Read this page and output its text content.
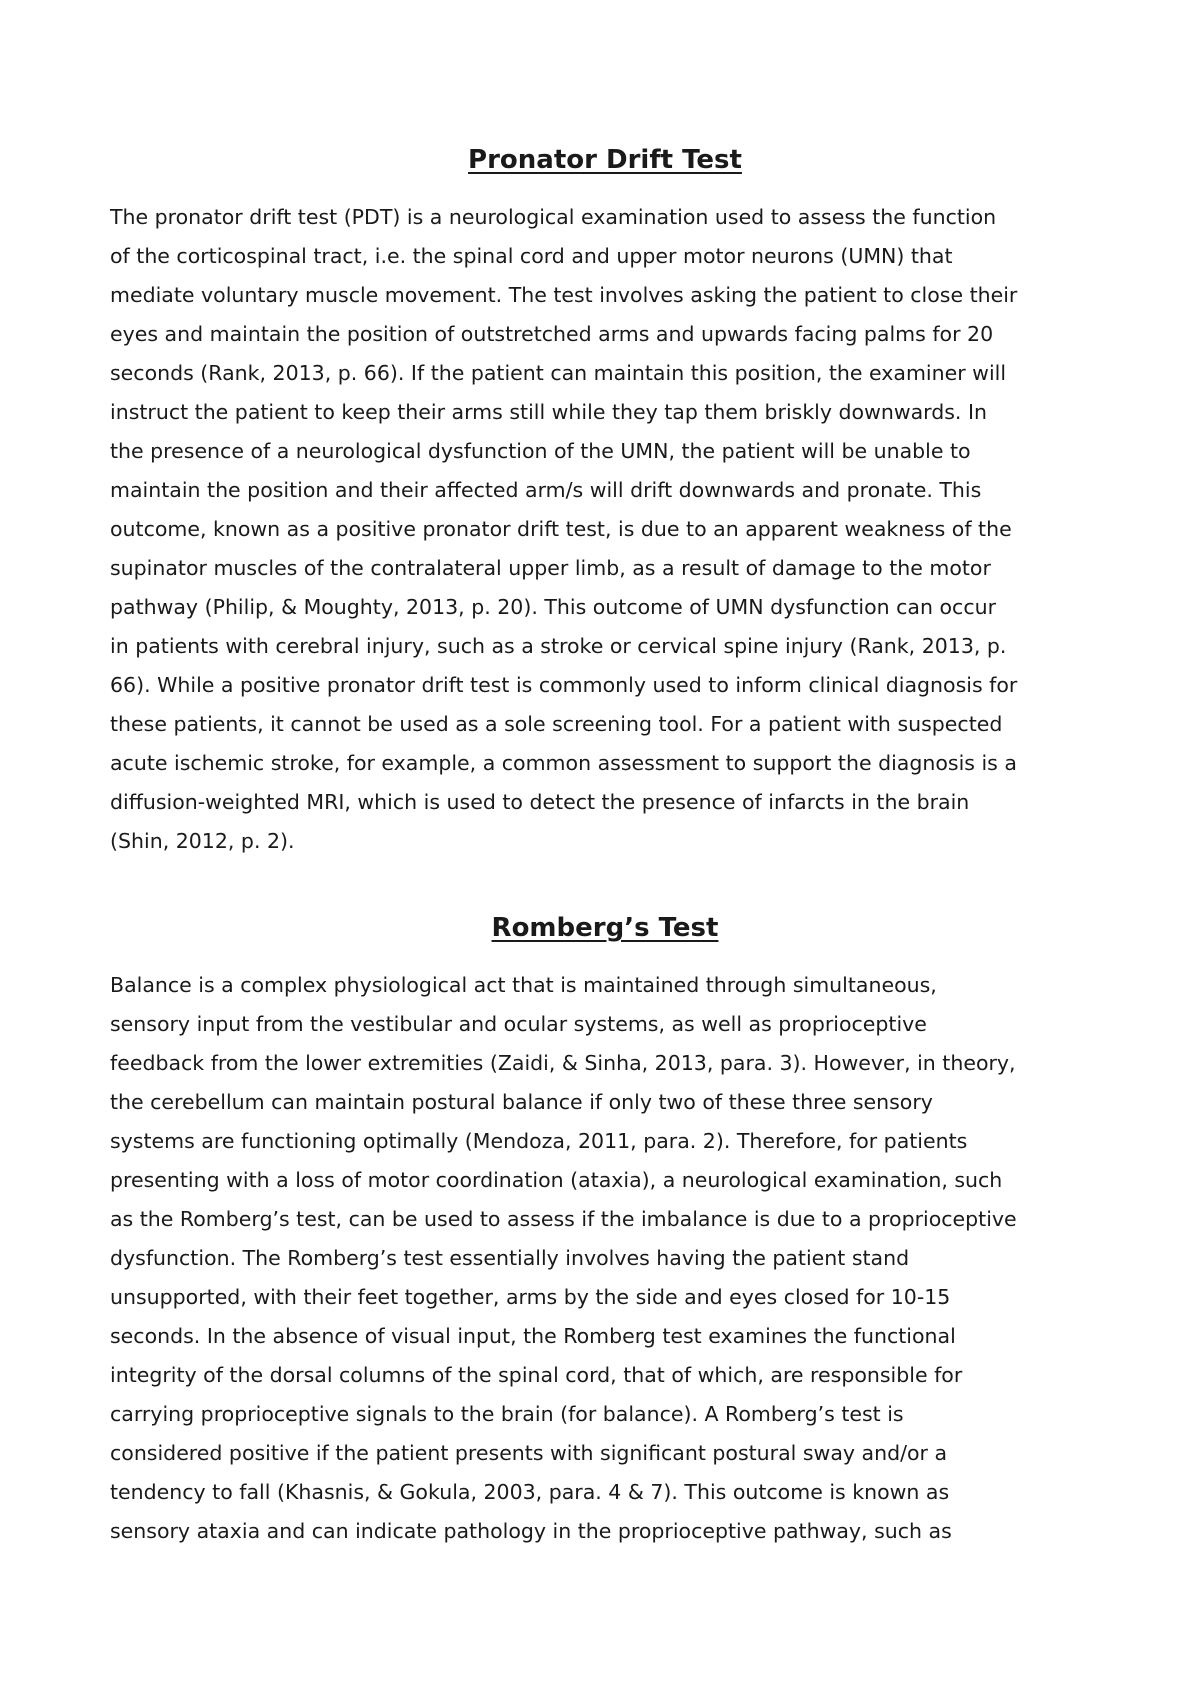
Pronator Drift Test
The pronator drift test (PDT) is a neurological examination used to assess the function
of the corticospinal tract, i.e. the spinal cord and upper motor neurons (UMN) that
mediate voluntary muscle movement. The test involves asking the patient to close their
eyes and maintain the position of outstretched arms and upwards facing palms for 20
seconds (Rank, 2013, p. 66). If the patient can maintain this position, the examiner will
instruct the patient to keep their arms still while they tap them briskly downwards. In
the presence of a neurological dysfunction of the UMN, the patient will be unable to
maintain the position and their affected arm/s will drift downwards and pronate. This
outcome, known as a positive pronator drift test, is due to an apparent weakness of the
supinator muscles of the contralateral upper limb, as a result of damage to the motor
pathway (Philip, & Moughty, 2013, p. 20). This outcome of UMN dysfunction can occur
in patients with cerebral injury, such as a stroke or cervical spine injury (Rank, 2013, p.
66). While a positive pronator drift test is commonly used to inform clinical diagnosis for
these patients, it cannot be used as a sole screening tool. For a patient with suspected
acute ischemic stroke, for example, a common assessment to support the diagnosis is a
diffusion-weighted MRI, which is used to detect the presence of infarcts in the brain
(Shin, 2012, p. 2).
Romberg’s Test
Balance is a complex physiological act that is maintained through simultaneous,
sensory input from the vestibular and ocular systems, as well as proprioceptive
feedback from the lower extremities (Zaidi, & Sinha, 2013, para. 3). However, in theory,
the cerebellum can maintain postural balance if only two of these three sensory
systems are functioning optimally (Mendoza, 2011, para. 2). Therefore, for patients
presenting with a loss of motor coordination (ataxia), a neurological examination, such
as the Romberg’s test, can be used to assess if the imbalance is due to a proprioceptive
dysfunction. The Romberg’s test essentially involves having the patient stand
unsupported, with their feet together, arms by the side and eyes closed for 10-15
seconds. In the absence of visual input, the Romberg test examines the functional
integrity of the dorsal columns of the spinal cord, that of which, are responsible for
carrying proprioceptive signals to the brain (for balance). A Romberg’s test is
considered positive if the patient presents with significant postural sway and/or a
tendency to fall (Khasnis, & Gokula, 2003, para. 4 & 7). This outcome is known as
sensory ataxia and can indicate pathology in the proprioceptive pathway, such as
